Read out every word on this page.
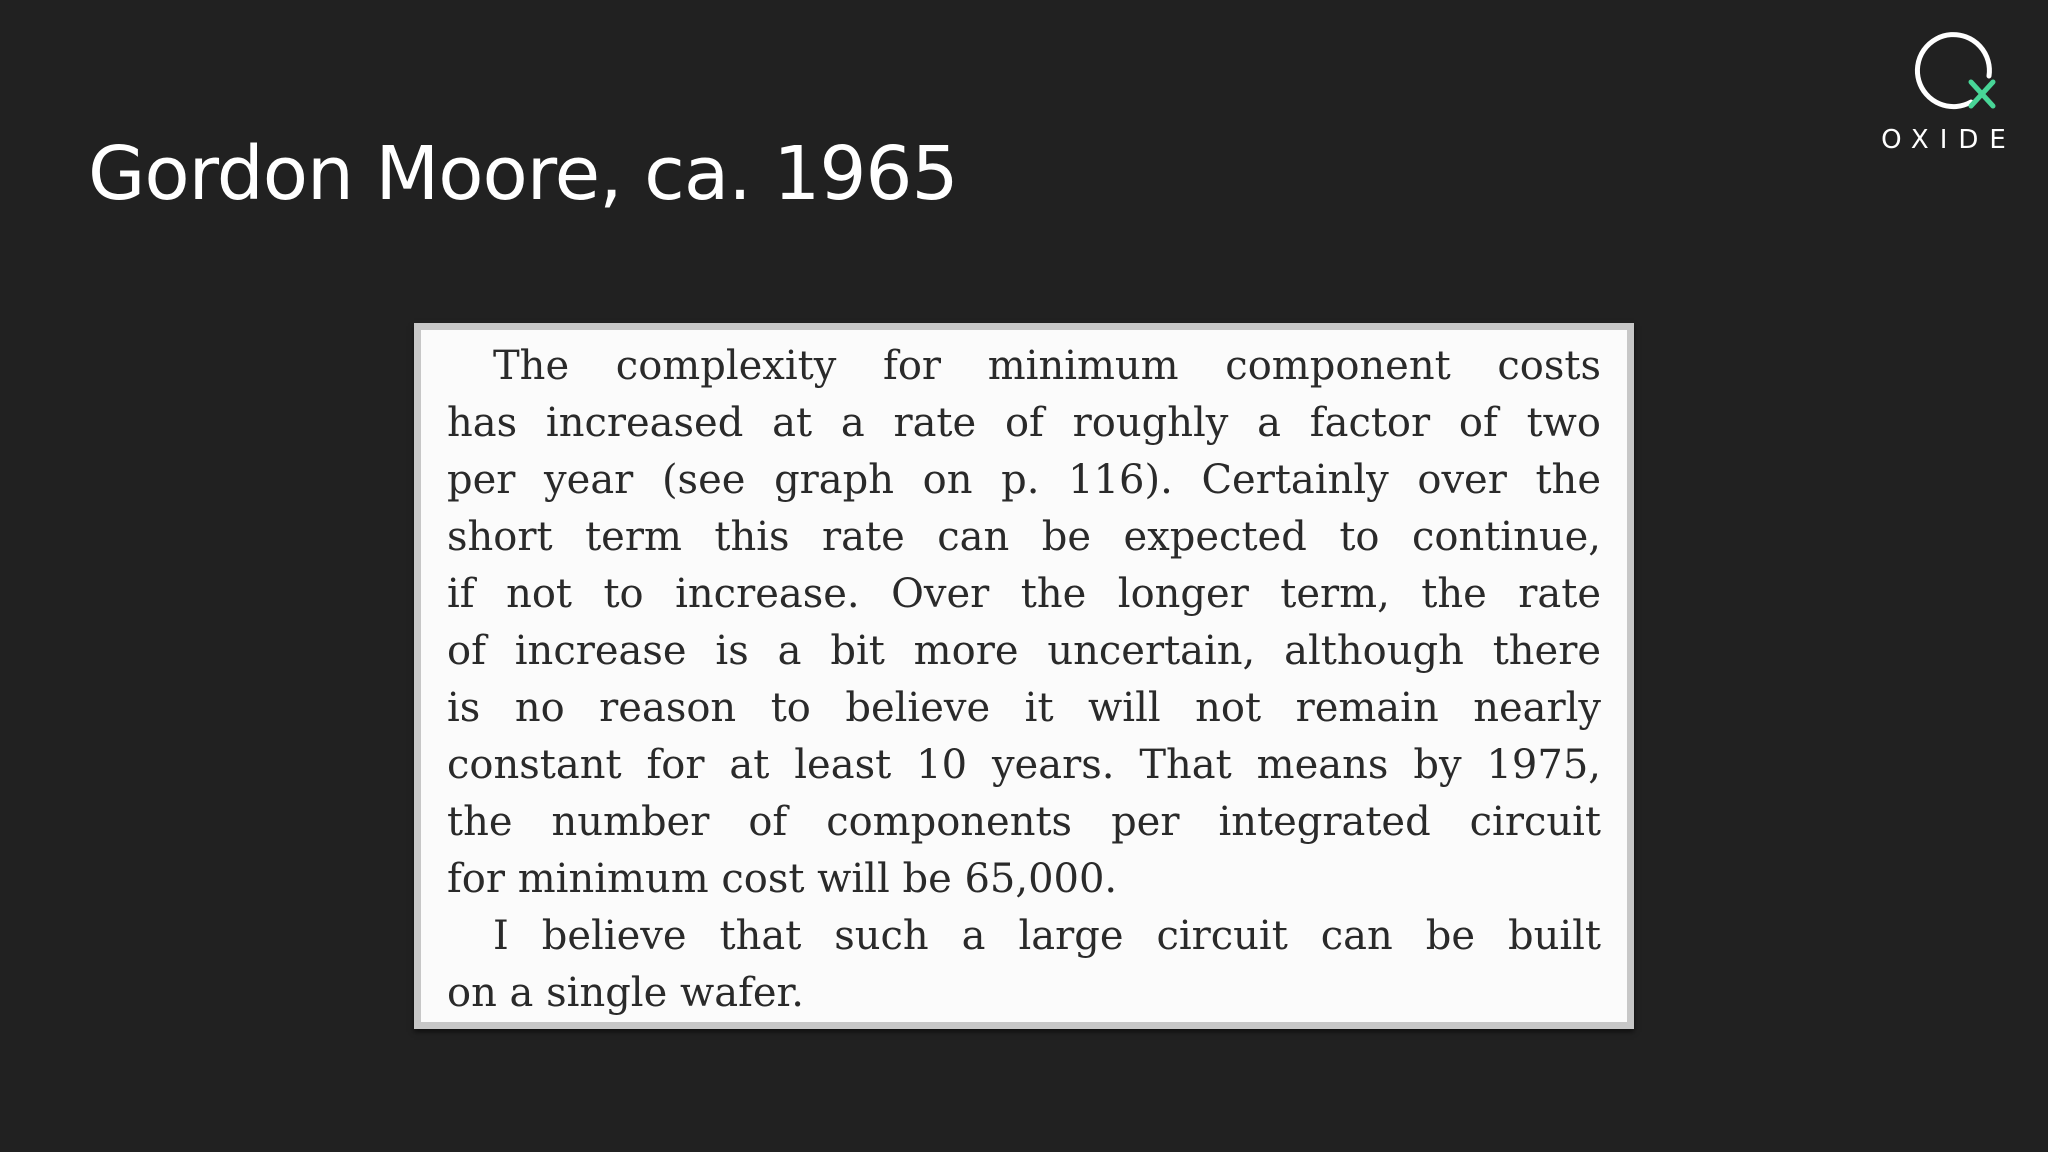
Gordon Moore, ca. 1965	OXIDE
The complexity for minimum component costs
has increased at a rate of roughly a factor of two
per year (see graph on p. 116). Certainly over the
short term this rate can be expected to continue,
if not to increase. Over the longer term, the rate
of increase is a bit more uncertain, although there
is no reason to believe it will not remain nearly
constant for at least 10 years. That means by 1975,
the number of components per integrated circuit
for minimum cost will be 65,000.
I believe that such a large circuit can be built
on a single wafer.
